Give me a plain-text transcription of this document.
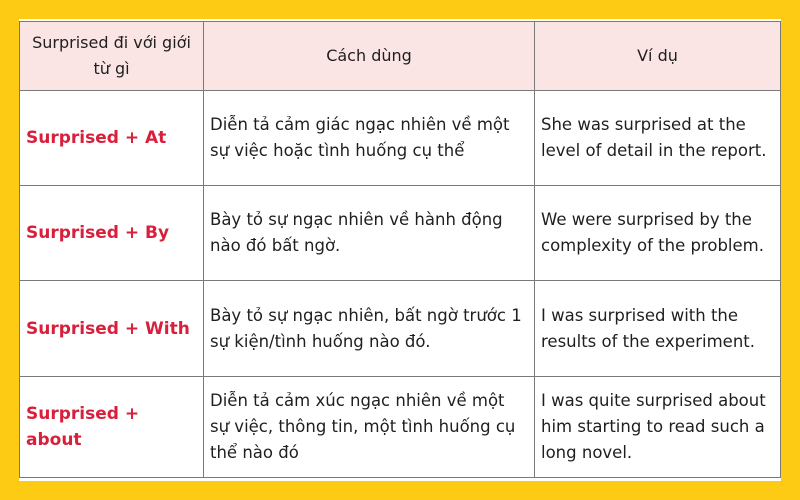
Surprised đi với giới từ gì	Cách dùng	Ví dụ
Surprised + At	Diễn tả cảm giác ngạc nhiên về một sự việc hoặc tình huống cụ thể	She was surprised at the level of detail in the report.
Surprised + By	Bày tỏ sự ngạc nhiên về hành động nào đó bất ngờ.	We were surprised by the complexity of the problem.
Surprised + With	Bày tỏ sự ngạc nhiên, bất ngờ trước 1 sự kiện/tình huống nào đó.	I was surprised with the results of the experiment.
Surprised + about	Diễn tả cảm xúc ngạc nhiên về một sự việc, thông tin, một tình huống cụ thể nào đó	I was quite surprised about him starting to read such a long novel.
